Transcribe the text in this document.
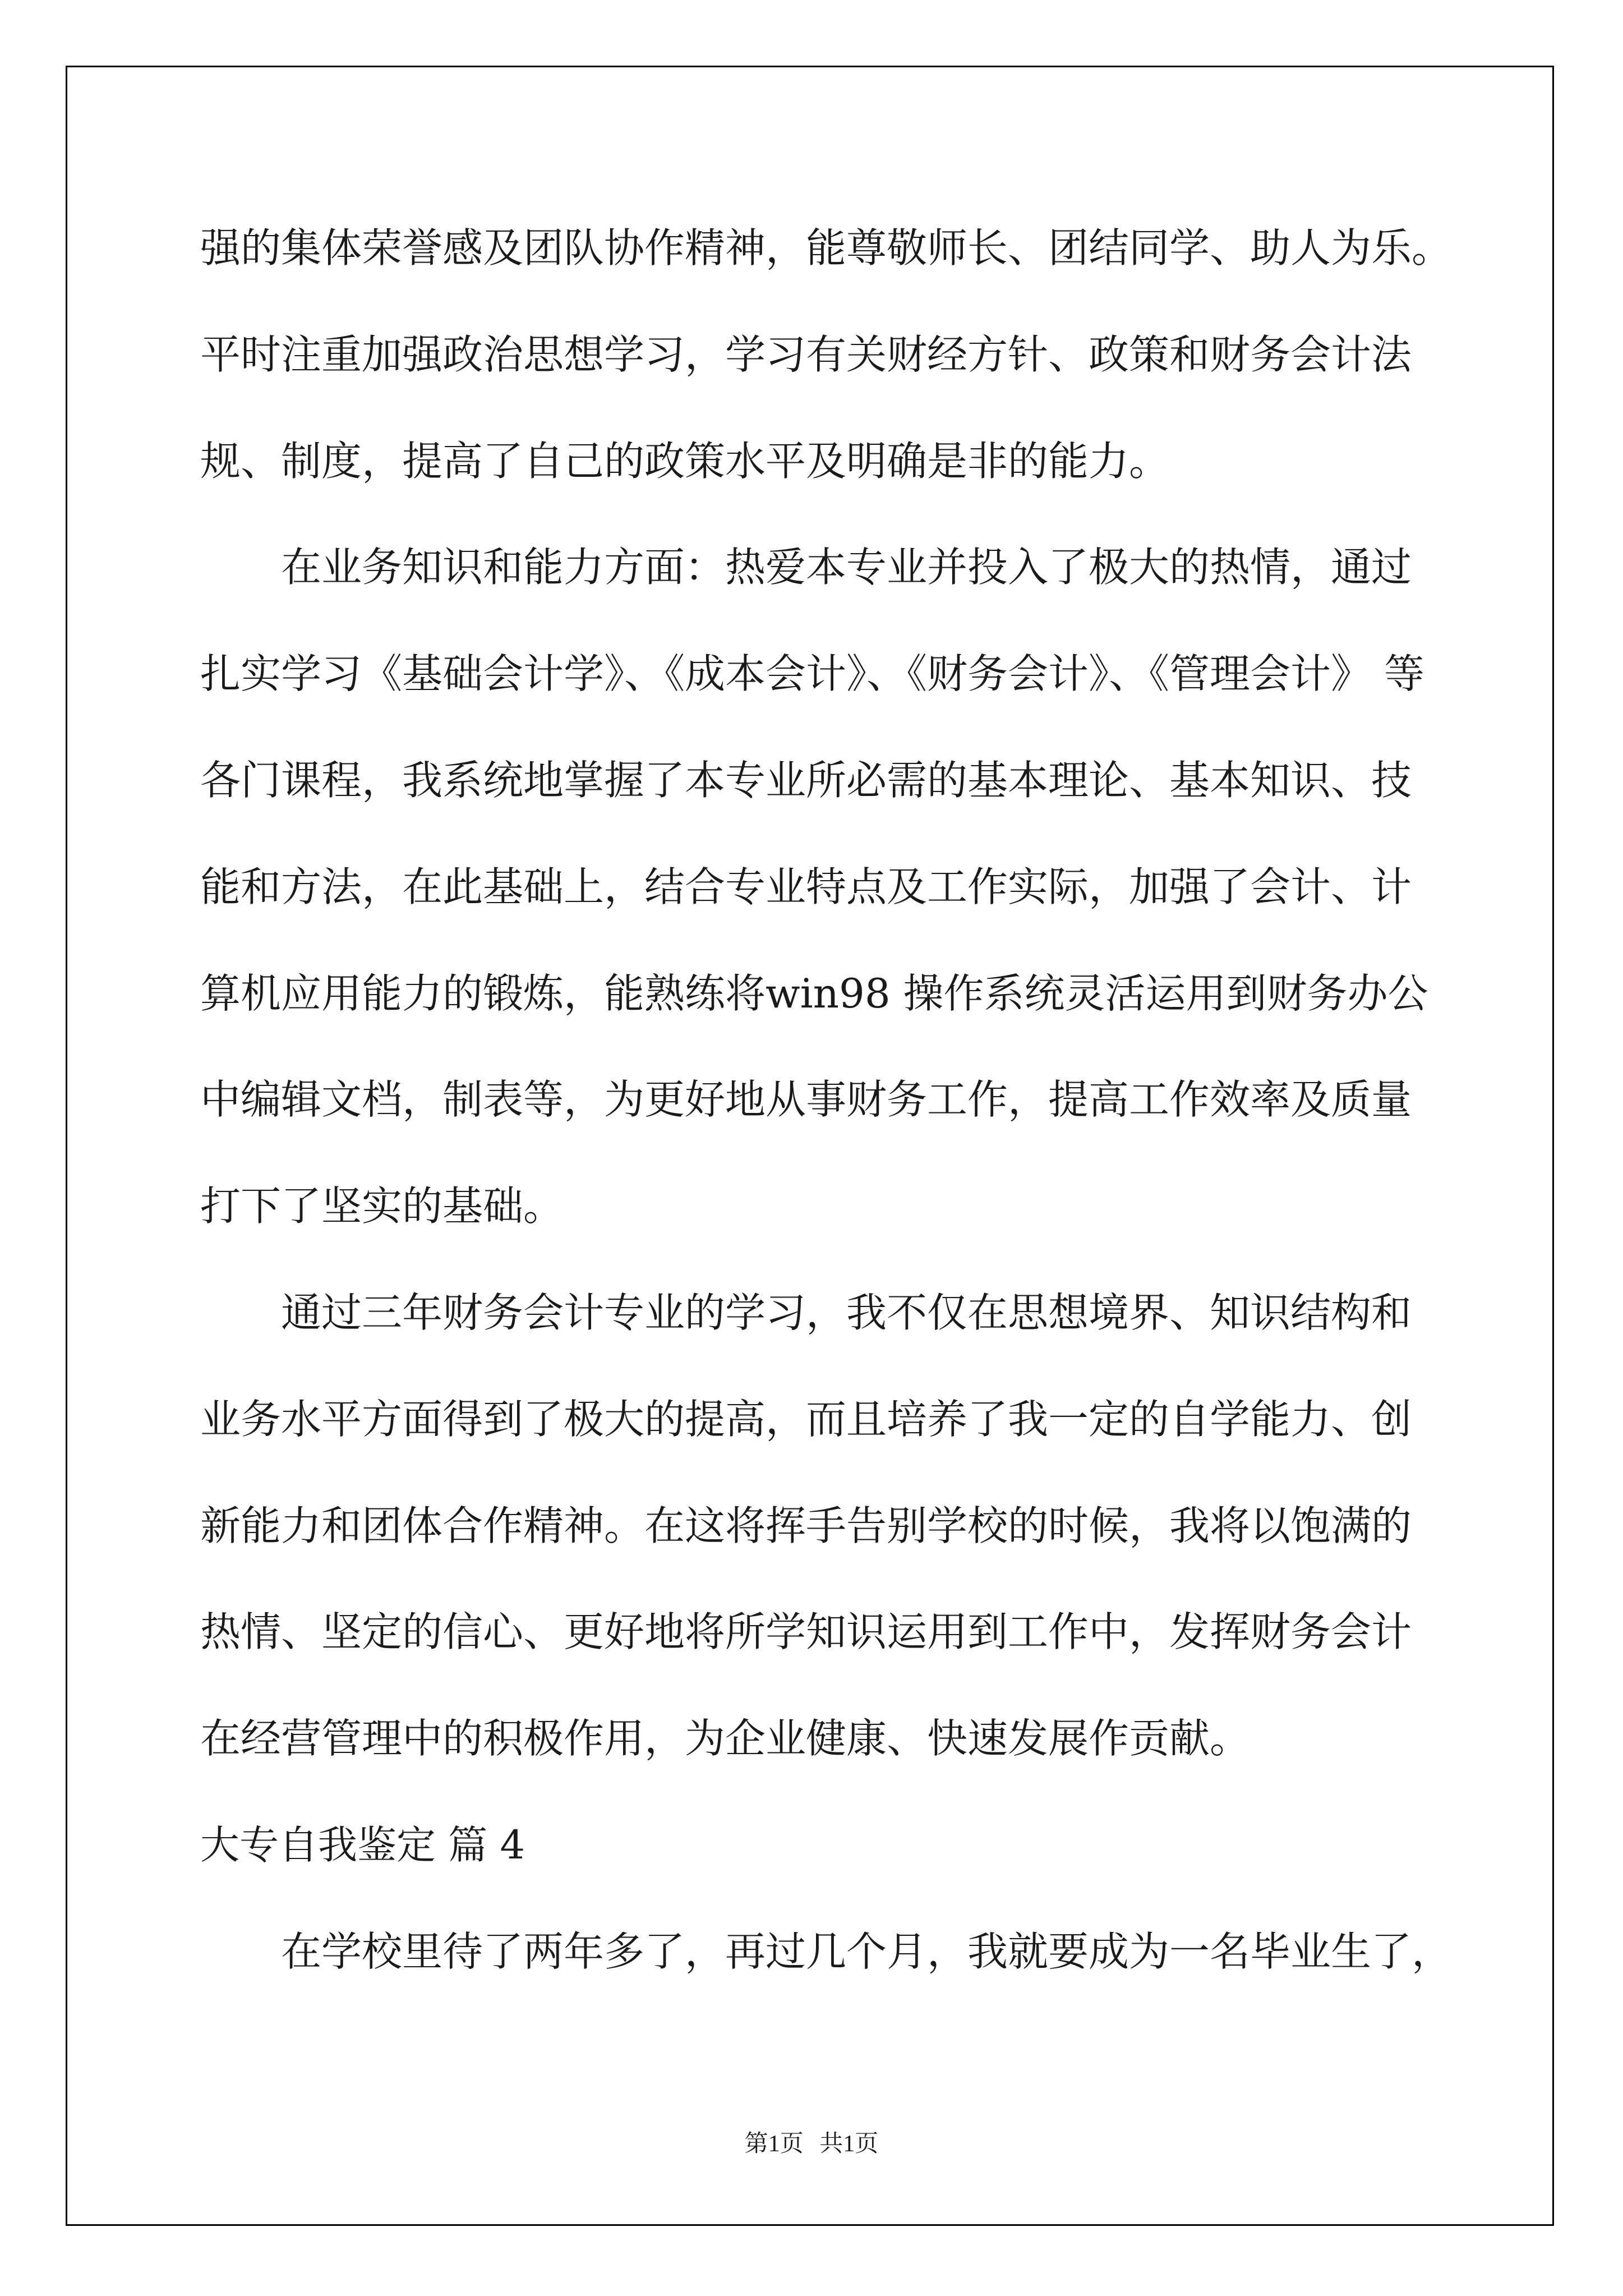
强的集体荣誉感及团队协作精神，能尊敬师长、团结同学、助人为乐。
平时注重加强政治思想学习，学习有关财经方针、政策和财务会计法
规、制度，提高了自己的政策水平及明确是非的能力。
在业务知识和能力方面：热爱本专业并投入了极大的热情，通过
扎实学习《基础会计学》、《成本会计》、《财务会计》、《管理会计》 等
各门课程，我系统地掌握了本专业所必需的基本理论、基本知识、技
能和方法，在此基础上，结合专业特点及工作实际，加强了会计、计
算机应用能力的锻炼，能熟练将win98 操作系统灵活运用到财务办公
中编辑文档，制表等，为更好地从事财务工作，提高工作效率及质量
打下了坚实的基础。
通过三年财务会计专业的学习，我不仅在思想境界、知识结构和
业务水平方面得到了极大的提高，而且培养了我一定的自学能力、创
新能力和团体合作精神。在这将挥手告别学校的时候，我将以饱满的
热情、坚定的信心、更好地将所学知识运用到工作中，发挥财务会计
在经营管理中的积极作用，为企业健康、快速发展作贡献。
大专自我鉴定 篇 4
在学校里待了两年多了，再过几个月，我就要成为一名毕业生了，
第1页 共1页
